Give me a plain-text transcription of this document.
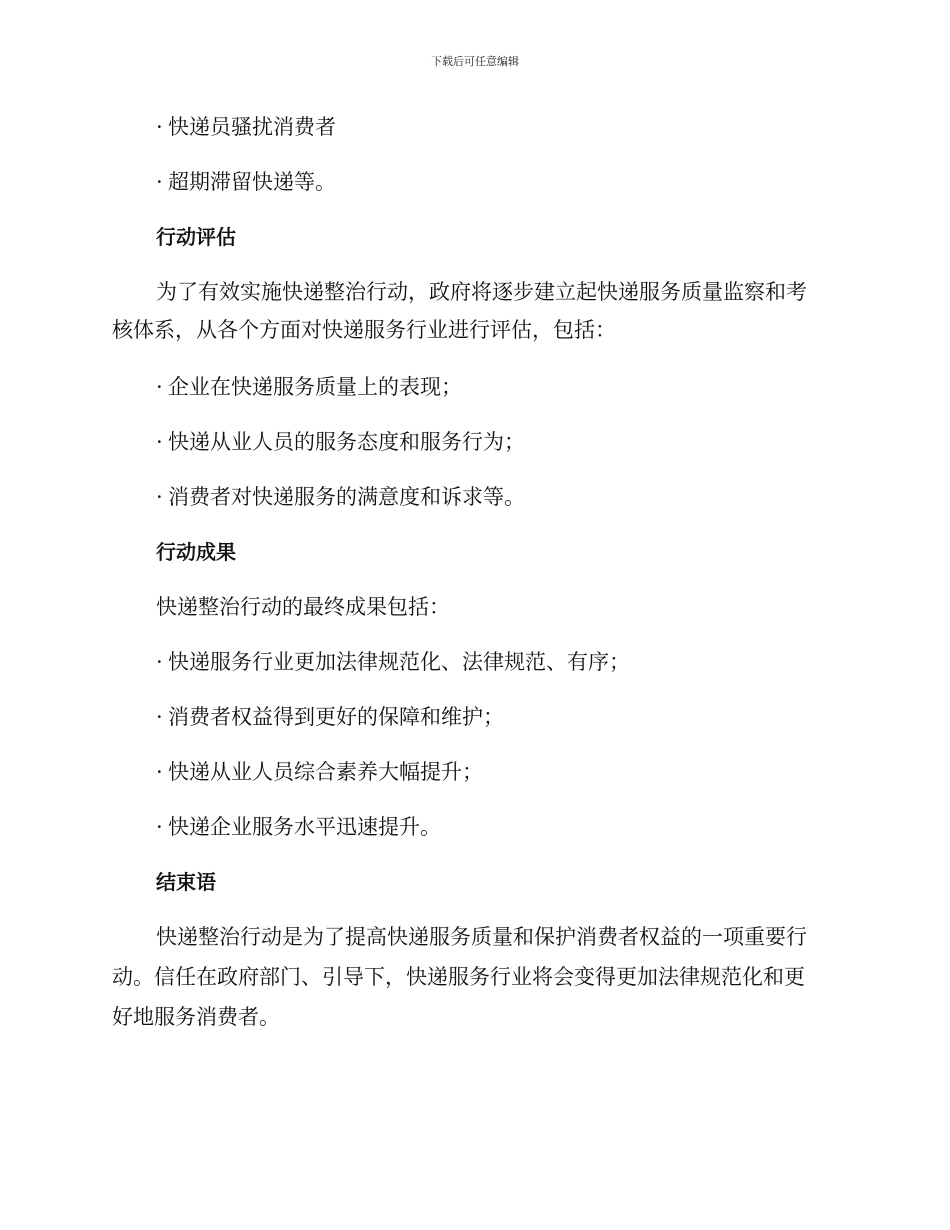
下载后可任意编辑
· 快递员骚扰消费者
· 超期滞留快递等。
行动评估
为了有效实施快递整治行动，政府将逐步建立起快递服务质量监察和考
核体系，从各个方面对快递服务行业进行评估，包括：
· 企业在快递服务质量上的表现；
· 快递从业人员的服务态度和服务行为；
· 消费者对快递服务的满意度和诉求等。
行动成果
快递整治行动的最终成果包括：
· 快递服务行业更加法律规范化、法律规范、有序；
· 消费者权益得到更好的保障和维护；
· 快递从业人员综合素养大幅提升；
· 快递企业服务水平迅速提升。
结束语
快递整治行动是为了提高快递服务质量和保护消费者权益的一项重要行
动。信任在政府部门、引导下，快递服务行业将会变得更加法律规范化和更
好地服务消费者。
